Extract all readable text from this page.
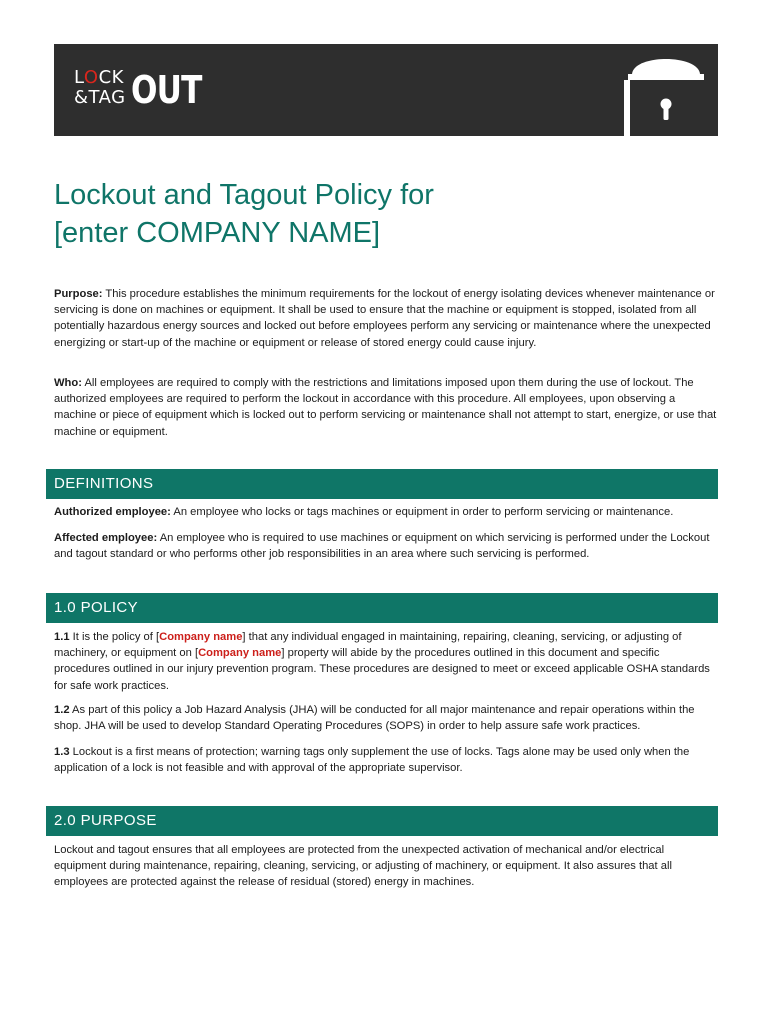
LOCK
&TAG OUT
Lockout and Tagout Policy for
[enter COMPANY NAME]

Purpose: This procedure establishes the minimum requirements for the lockout of energy isolating devices whenever maintenance or servicing is done on machines or equipment. It shall be used to ensure that the machine or equipment is stopped, isolated from all potentially hazardous energy sources and locked out before employees perform any servicing or maintenance where the unexpected energizing or start-up of the machine or equipment or release of stored energy could cause injury.

Who: All employees are required to comply with the restrictions and limitations imposed upon them during the use of lockout. The authorized employees are required to perform the lockout in accordance with this procedure. All employees, upon observing a machine or piece of equipment which is locked out to perform servicing or maintenance shall not attempt to start, energize, or use that machine or equipment.

DEFINITIONS

Authorized employee: An employee who locks or tags machines or equipment in order to perform servicing or maintenance.

Affected employee: An employee who is required to use machines or equipment on which servicing is performed under the Lockout and tagout standard or who performs other job responsibilities in an area where such servicing is performed.

1.0 POLICY

1.1 It is the policy of [Company name] that any individual engaged in maintaining, repairing, cleaning, servicing, or adjusting of machinery, or equipment on [Company name] property will abide by the procedures outlined in this document and specific procedures outlined in our injury prevention program. These procedures are designed to meet or exceed applicable OSHA standards for safe work practices.

1.2 As part of this policy a Job Hazard Analysis (JHA) will be conducted for all major maintenance and repair operations within the shop. JHA will be used to develop Standard Operating Procedures (SOPS) in order to help assure safe work practices.

1.3 Lockout is a first means of protection; warning tags only supplement the use of locks. Tags alone may be used only when the application of a lock is not feasible and with approval of the appropriate supervisor.

2.0 PURPOSE

Lockout and tagout ensures that all employees are protected from the unexpected activation of mechanical and/or electrical equipment during maintenance, repairing, cleaning, servicing, or adjusting of machinery, or equipment. It also assures that all employees are protected against the release of residual (stored) energy in machines.
